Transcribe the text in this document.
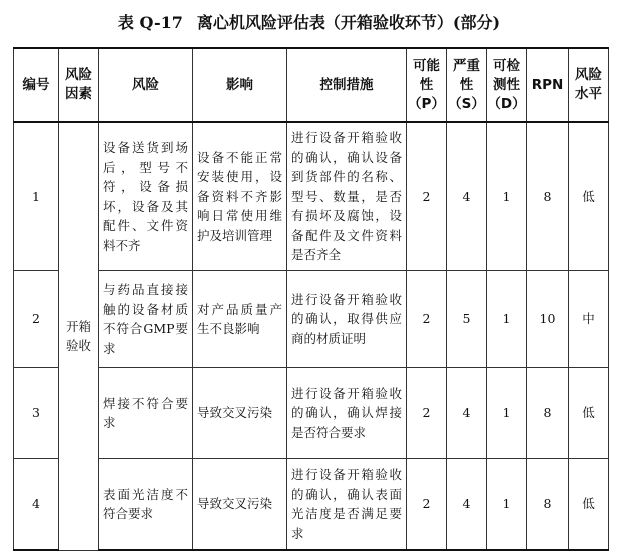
表 Q-17 离心机风险评估表（开箱验收环节）(部分)
编号	风险因素	风险	影响	控制措施	可能性（P）	严重性（S）	可检测性（D）	RPN	风险水平
1	开箱验收	设备送货到场后，型号不符，设备损坏，设备及其配件、文件资料不齐	设备不能正常安装使用，设备资料不齐影响日常使用维护及培训管理	进行设备开箱验收的确认，确认设备到货部件的名称、型号、数量，是否有损坏及腐蚀，设备配件及文件资料是否齐全	2	4	1	8	低
2		与药品直接接触的设备材质不符合GMP要求	对产品质量产生不良影响	进行设备开箱验收的确认，取得供应商的材质证明	2	5	1	10	中
3		焊接不符合要求	导致交叉污染	进行设备开箱验收的确认，确认焊接是否符合要求	2	4	1	8	低
4		表面光洁度不符合要求	导致交叉污染	进行设备开箱验收的确认，确认表面光洁度是否满足要求	2	4	1	8	低
